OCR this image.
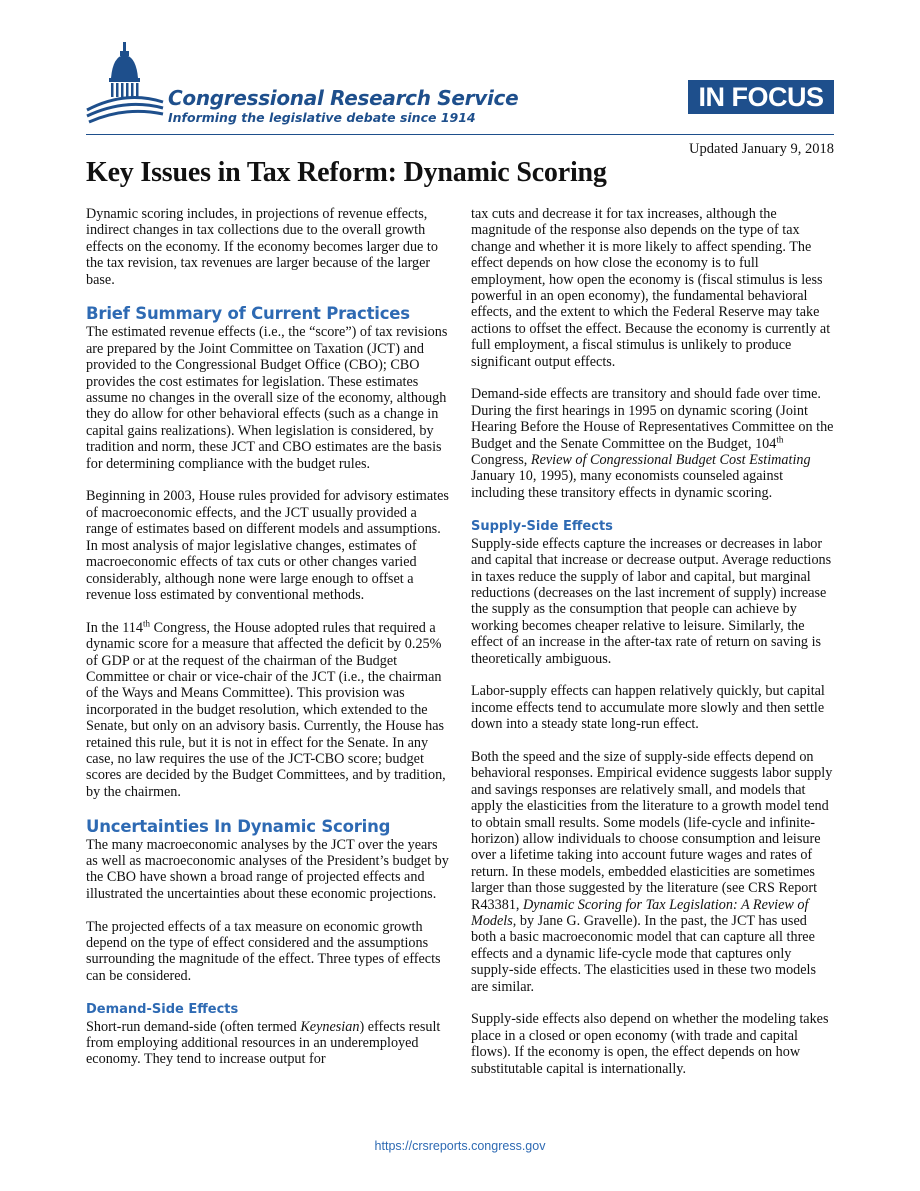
Congressional Research Service
Informing the legislative debate since 1914
IN FOCUS
Updated January 9, 2018
Key Issues in Tax Reform: Dynamic Scoring

Dynamic scoring includes, in projections of revenue effects, indirect changes in tax collections due to the overall growth effects on the economy. If the economy becomes larger due to the tax revision, tax revenues are larger because of the larger base.

Brief Summary of Current Practices

The estimated revenue effects (i.e., the “score”) of tax revisions are prepared by the Joint Committee on Taxation (JCT) and provided to the Congressional Budget Office (CBO); CBO provides the cost estimates for legislation. These estimates assume no changes in the overall size of the economy, although they do allow for other behavioral effects (such as a change in capital gains realizations). When legislation is considered, by tradition and norm, these JCT and CBO estimates are the basis for determining compliance with the budget rules.

Beginning in 2003, House rules provided for advisory estimates of macroeconomic effects, and the JCT usually provided a range of estimates based on different models and assumptions. In most analysis of major legislative changes, estimates of macroeconomic effects of tax cuts or other changes varied considerably, although none were large enough to offset a revenue loss estimated by conventional methods.

In the 114th Congress, the House adopted rules that required a dynamic score for a measure that affected the deficit by 0.25% of GDP or at the request of the chairman of the Budget Committee or chair or vice-chair of the JCT (i.e., the chairman of the Ways and Means Committee). This provision was incorporated in the budget resolution, which extended to the Senate, but only on an advisory basis. Currently, the House has retained this rule, but it is not in effect for the Senate. In any case, no law requires the use of the JCT-CBO score; budget scores are decided by the Budget Committees, and by tradition, by the chairmen.

Uncertainties In Dynamic Scoring

The many macroeconomic analyses by the JCT over the years as well as macroeconomic analyses of the President’s budget by the CBO have shown a broad range of projected effects and illustrated the uncertainties about these economic projections.

The projected effects of a tax measure on economic growth depend on the type of effect considered and the assumptions surrounding the magnitude of the effect. Three types of effects can be considered.

Demand-Side Effects

Short-run demand-side (often termed Keynesian) effects result from employing additional resources in an underemployed economy. They tend to increase output for

tax cuts and decrease it for tax increases, although the magnitude of the response also depends on the type of tax change and whether it is more likely to affect spending. The effect depends on how close the economy is to full employment, how open the economy is (fiscal stimulus is less powerful in an open economy), the fundamental behavioral effects, and the extent to which the Federal Reserve may take actions to offset the effect. Because the economy is currently at full employment, a fiscal stimulus is unlikely to produce significant output effects.

Demand-side effects are transitory and should fade over time. During the first hearings in 1995 on dynamic scoring (Joint Hearing Before the House of Representatives Committee on the Budget and the Senate Committee on the Budget, 104th Congress, Review of Congressional Budget Cost Estimating January 10, 1995), many economists counseled against including these transitory effects in dynamic scoring.

Supply-Side Effects

Supply-side effects capture the increases or decreases in labor and capital that increase or decrease output. Average reductions in taxes reduce the supply of labor and capital, but marginal reductions (decreases on the last increment of supply) increase the supply as the consumption that people can achieve by working becomes cheaper relative to leisure. Similarly, the effect of an increase in the after-tax rate of return on saving is theoretically ambiguous.

Labor-supply effects can happen relatively quickly, but capital income effects tend to accumulate more slowly and then settle down into a steady state long-run effect.

Both the speed and the size of supply-side effects depend on behavioral responses. Empirical evidence suggests labor supply and savings responses are relatively small, and models that apply the elasticities from the literature to a growth model tend to obtain small results. Some models (life-cycle and infinite-horizon) allow individuals to choose consumption and leisure over a lifetime taking into account future wages and rates of return. In these models, embedded elasticities are sometimes larger than those suggested by the literature (see CRS Report R43381, Dynamic Scoring for Tax Legislation: A Review of Models, by Jane G. Gravelle). In the past, the JCT has used both a basic macroeconomic model that can capture all three effects and a dynamic life-cycle mode that captures only supply-side effects. The elasticities used in these two models are similar.

Supply-side effects also depend on whether the modeling takes place in a closed or open economy (with trade and capital flows). If the economy is open, the effect depends on how substitutable capital is internationally.

https://crsreports.congress.gov
